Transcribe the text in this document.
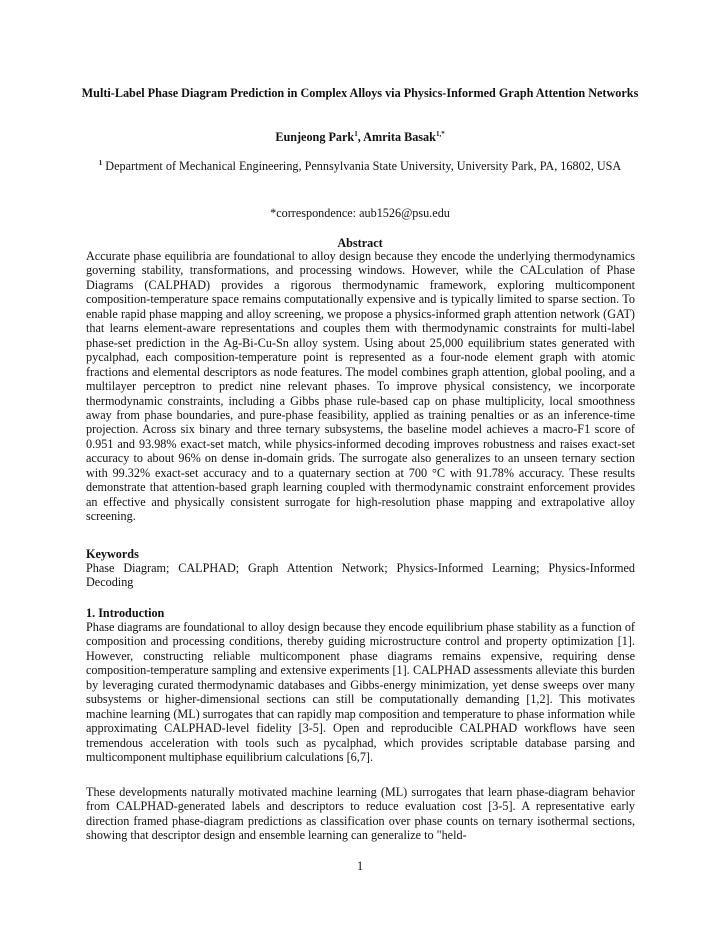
Multi-Label Phase Diagram Prediction in Complex Alloys via Physics-Informed Graph Attention Networks
Eunjeong Park$^1$, Amrita Basak$^{1,*}$
$^1$ Department of Mechanical Engineering, Pennsylvania State University, University Park, PA, 16802, USA
*correspondence: aub1526@psu.edu
Abstract

Accurate phase equilibria are foundational to alloy design because they encode the underlying thermodynamics governing stability, transformations, and processing windows. However, while the CALculation of Phase Diagrams (CALPHAD) provides a rigorous thermodynamic framework, exploring multicomponent composition-temperature space remains computationally expensive and is typically limited to sparse section. To enable rapid phase mapping and alloy screening, we propose a physics-informed graph attention network (GAT) that learns element-aware representations and couples them with thermodynamic constraints for multi-label phase-set prediction in the Ag-Bi-Cu-Sn alloy system. Using about 25,000 equilibrium states generated with pycalphad, each composition-temperature point is represented as a four-node element graph with atomic fractions and elemental descriptors as node features. The model combines graph attention, global pooling, and a multilayer perceptron to predict nine relevant phases. To improve physical consistency, we incorporate thermodynamic constraints, including a Gibbs phase rule-based cap on phase multiplicity, local smoothness away from phase boundaries, and pure-phase feasibility, applied as training penalties or as an inference-time projection. Across six binary and three ternary subsystems, the baseline model achieves a macro-F1 score of 0.951 and 93.98% exact-set match, while physics-informed decoding improves robustness and raises exact-set accuracy to about 96% on dense in-domain grids. The surrogate also generalizes to an unseen ternary section with 99.32% exact-set accuracy and to a quaternary section at 700 °C with 91.78% accuracy. These results demonstrate that attention-based graph learning coupled with thermodynamic constraint enforcement provides an effective and physically consistent surrogate for high-resolution phase mapping and extrapolative alloy screening.

Keywords

Phase Diagram; CALPHAD; Graph Attention Network; Physics-Informed Learning; Physics-Informed Decoding

1. Introduction

Phase diagrams are foundational to alloy design because they encode equilibrium phase stability as a function of composition and processing conditions, thereby guiding microstructure control and property optimization [1]. However, constructing reliable multicomponent phase diagrams remains expensive, requiring dense composition-temperature sampling and extensive experiments [1]. CALPHAD assessments alleviate this burden by leveraging curated thermodynamic databases and Gibbs-energy minimization, yet dense sweeps over many subsystems or higher-dimensional sections can still be computationally demanding [1,2]. This motivates machine learning (ML) surrogates that can rapidly map composition and temperature to phase information while approximating CALPHAD-level fidelity [3-5]. Open and reproducible CALPHAD workflows have seen tremendous acceleration with tools such as pycalphad, which provides scriptable database parsing and multicomponent multiphase equilibrium calculations [6,7].

These developments naturally motivated machine learning (ML) surrogates that learn phase-diagram behavior from CALPHAD-generated labels and descriptors to reduce evaluation cost [3-5]. A representative early direction framed phase-diagram predictions as classification over phase counts on ternary isothermal sections, showing that descriptor design and ensemble learning can generalize to "held-

1
